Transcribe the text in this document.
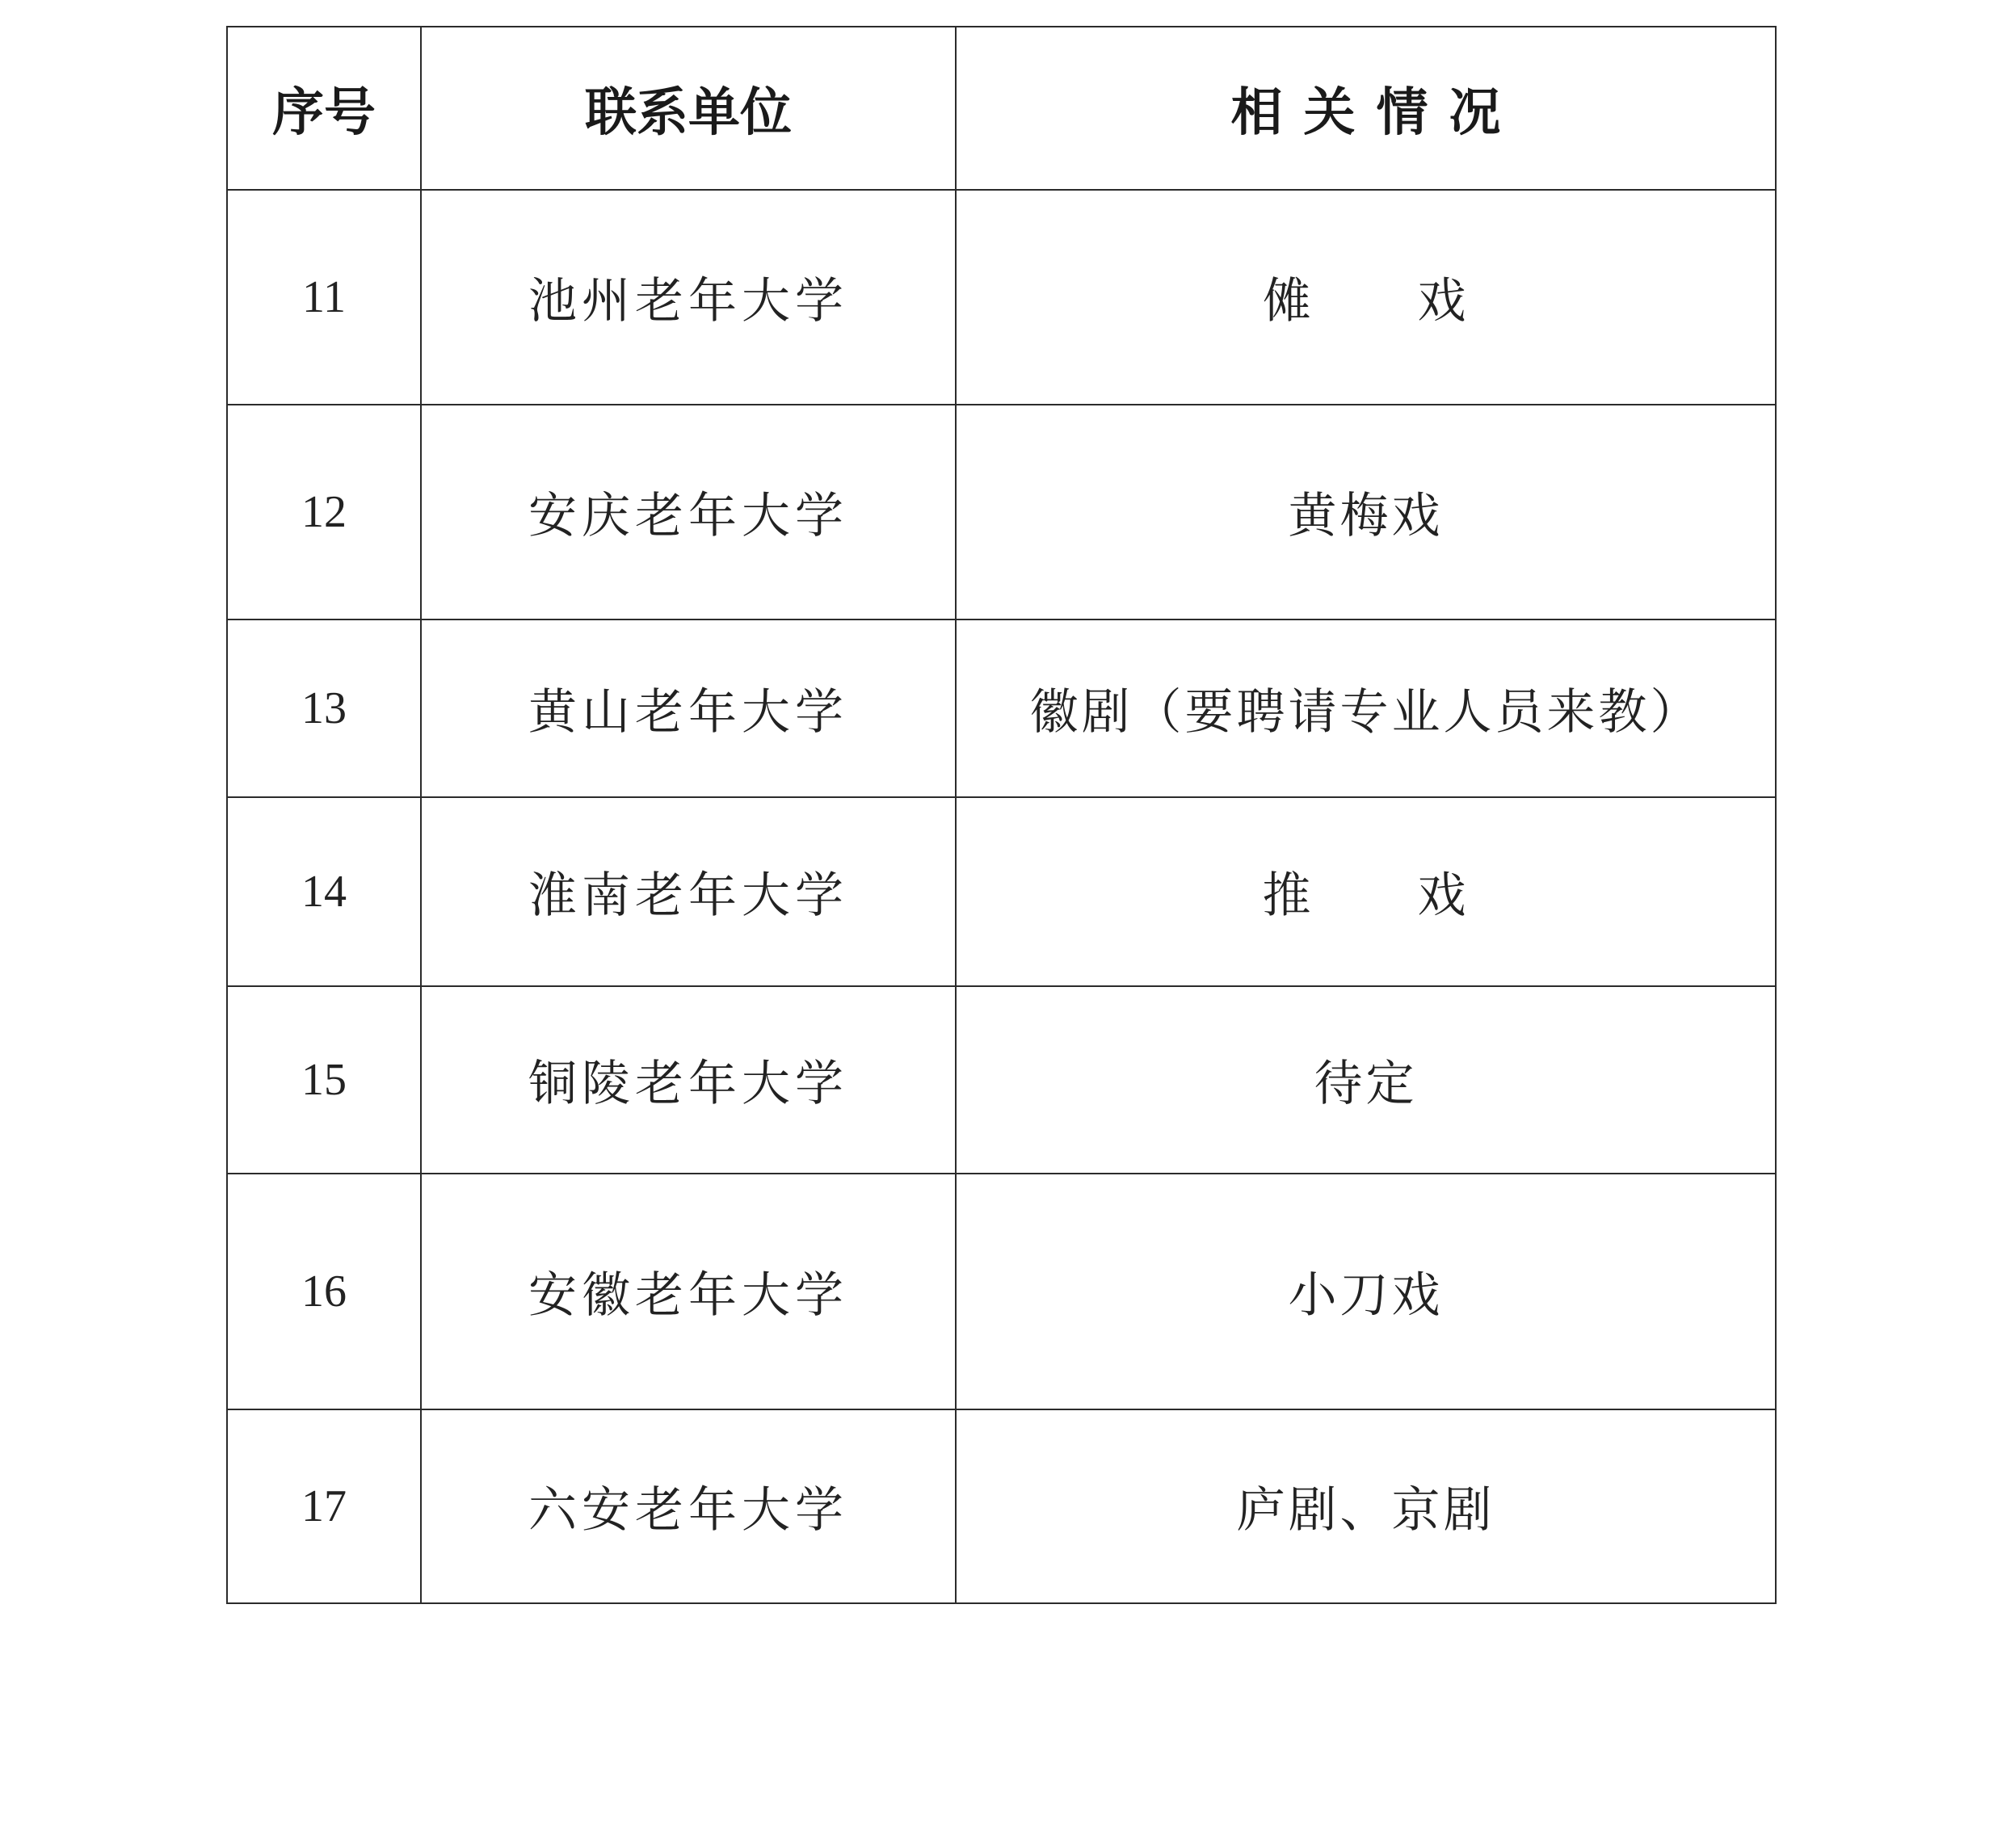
序号	联系单位	相关情况
11	池州老年大学	傩　　戏
12	安庆老年大学	黄梅戏
13	黄山老年大学	徽剧（要聘请专业人员来教）
14	淮南老年大学	推　　戏
15	铜陵老年大学	待定
16	安徽老年大学	小刀戏
17	六安老年大学	庐剧、京剧
